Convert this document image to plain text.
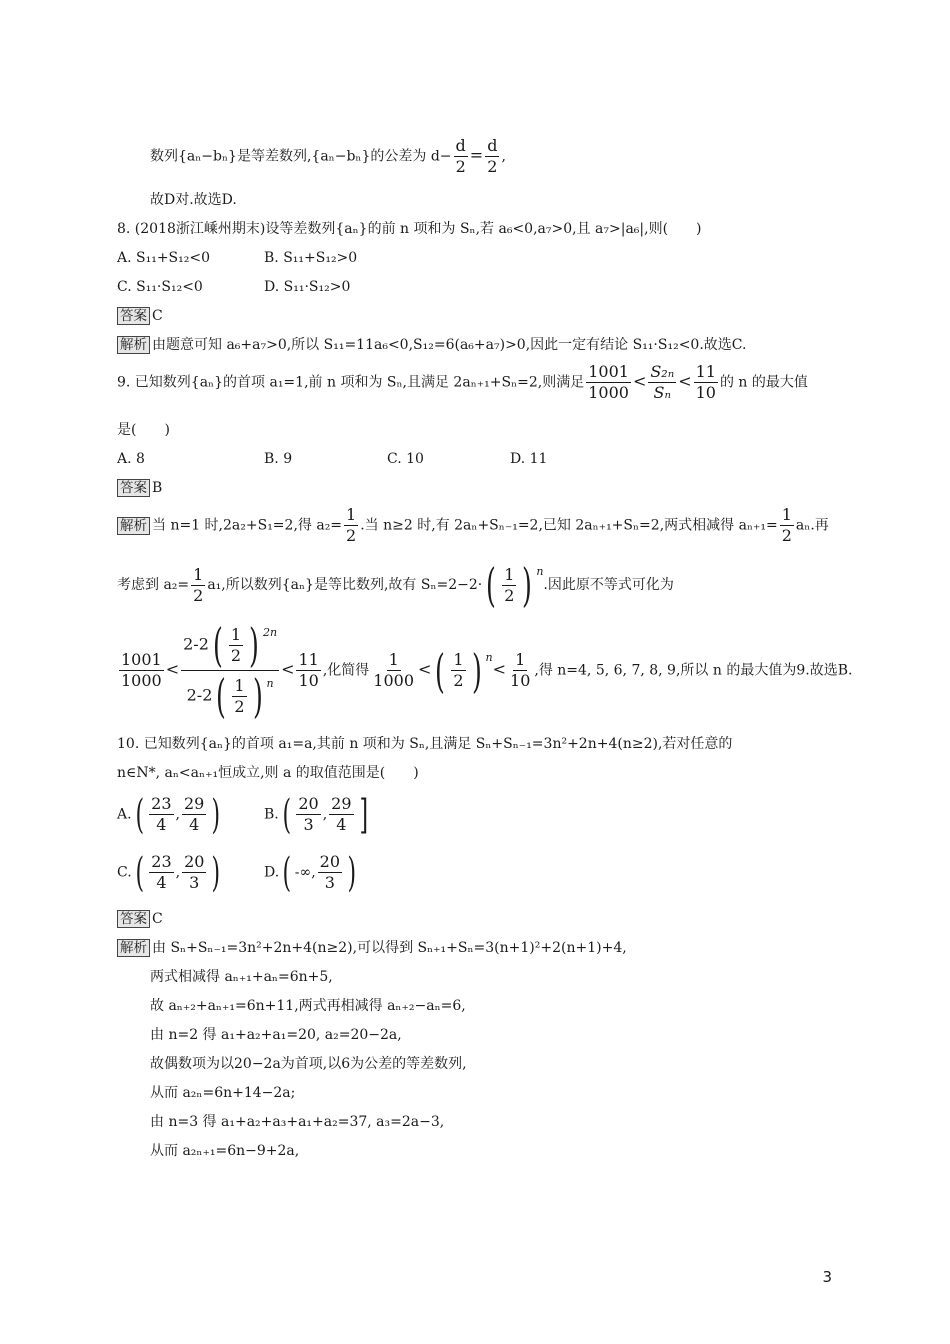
数列{aₙ−bₙ}是等差数列,{aₙ−bₙ}的公差为 $d- \frac{d}{2} = \frac{d}{2}$ ,
故D对.故选D.
8. (2018浙江嵊州期末)设等差数列{aₙ}的前 n 项和为 Sₙ,若 a₆<0,a₇>0,且 a₇>|a₆|,则(　　)
A. S₁₁+S₁₂<0	B. S₁₁+S₁₂>0
C. S₁₁·S₁₂<0	D. S₁₁·S₁₂>0
答案 C
解析 由题意可知 a₆+a₇>0,所以 S₁₁=11a₆<0,S₁₂=6(a₆+a₇)>0,因此一定有结论 S₁₁·S₁₂<0.故选C.
9. 已知数列{aₙ}的首项 a₁=1,前 n 项和为 Sₙ,且满足 2aₙ₊₁+Sₙ=2,则满足 $\frac{1001}{1000} < \frac{\text{S₂ₙ}}{\text{Sₙ}} < \frac{11}{10}$ 的 n 的最大值
是(　　)
A. 8	B. 9	C. 10	D. 11
答案 B
解析 当 n=1 时,2a₂+S₁=2,得 $a_2= \frac{1}{2}$ .当 n≥2 时,有 2aₙ+Sₙ₋₁=2,已知 2aₙ₊₁+Sₙ=2,两式相减得 $a_{n+1}= \frac{1}{2} a_n$.再
考虑到 $a_2= \frac{1}{2} a_1$,所以数列{aₙ}是等比数列,故有 $S_n=2-2\cdot( \frac{1}{2}$ ) $^n$.因此原不等式可化为
$\frac{1001}{1000} < \frac{2-2( \frac{1}{2} ) ^{2n}}{2-2( \frac{1}{2} ) ^n} < \frac{11}{10}$ ,化简得 $\frac{1}{1000}$ <( $\frac{1}{2}$ ) $^n< \frac{1}{10}$ ,得 n=4, 5, 6, 7, 8, 9,所以 n 的最大值为9.故选B.
10. 已知数列{aₙ}的首项 a₁=a,其前 n 项和为 Sₙ,且满足 Sₙ+Sₙ₋₁=3n²+2n+4(n≥2),若对任意的
n∈N*, aₙ<aₙ₊₁恒成立,则 a 的取值范围是(　　)
$A.( \frac{23}{4}$ , $\frac{29}{4}$ )	$B.( \frac{20}{3}$ , $\frac{29}{4}$ ]
$C.( \frac{23}{4}$ , $\frac{20}{3}$ )	D.( -∞, $\frac{20}{3}$ )
答案 C
解析 由 Sₙ+Sₙ₋₁=3n²+2n+4(n≥2),可以得到 Sₙ₊₁+Sₙ=3(n+1)²+2(n+1)+4,
两式相减得 aₙ₊₁+aₙ=6n+5,
故 aₙ₊₂+aₙ₊₁=6n+11,两式再相减得 aₙ₊₂−aₙ=6,
由 n=2 得 a₁+a₂+a₁=20, a₂=20−2a,
故偶数项为以20−2a为首项,以6为公差的等差数列,
从而 a₂ₙ=6n+14−2a;
由 n=3 得 a₁+a₂+a₃+a₁+a₂=37, a₃=2a−3,
从而 a₂ₙ₊₁=6n−9+2a,
3
